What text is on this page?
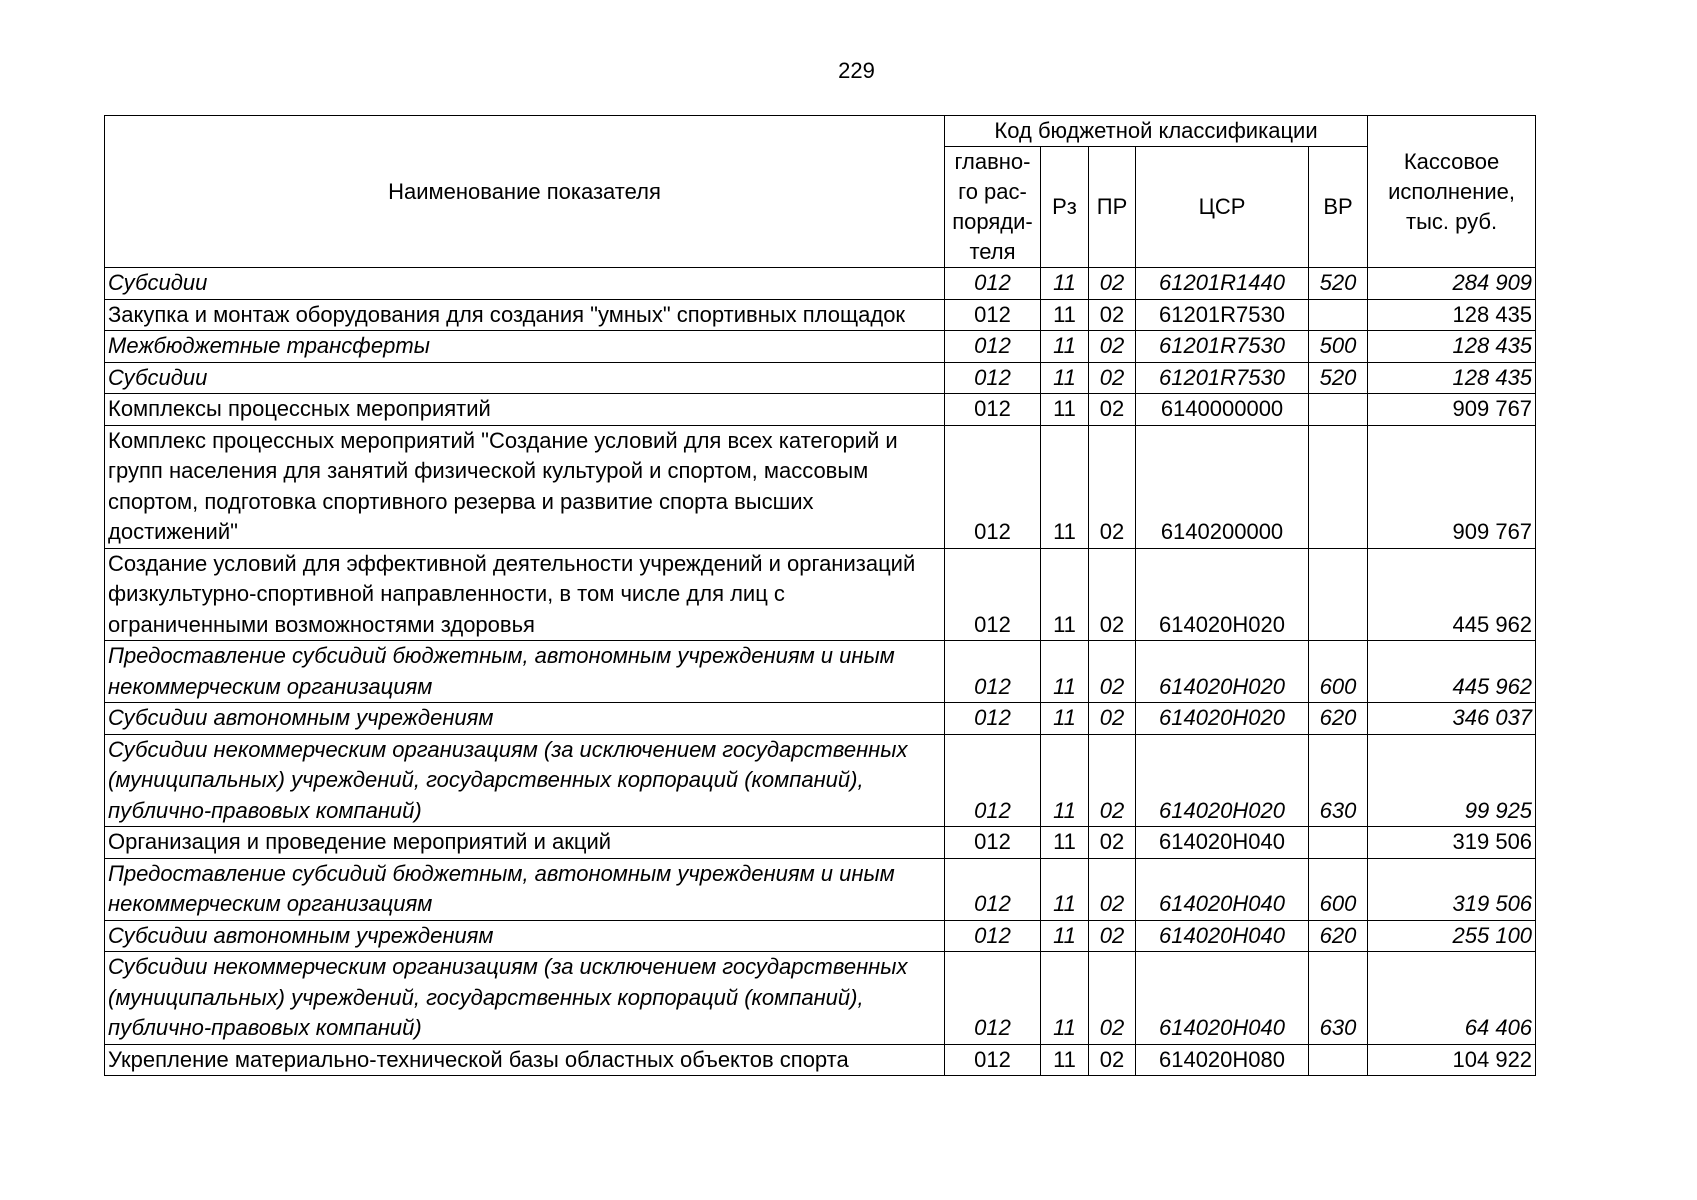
229
Наименование показателя	Код бюджетной классификации					Кассовое исполнение, тыс. руб.
	главно-го рас-поряди-теля	Рз	ПР	ЦСР	ВР	
Субсидии	012	11	02	61201R1440	520	284 909
Закупка и монтаж оборудования для создания "умных" спортивных площадок	012	11	02	61201R7530		128 435
Межбюджетные трансферты	012	11	02	61201R7530	500	128 435
Субсидии	012	11	02	61201R7530	520	128 435
Комплексы процессных мероприятий	012	11	02	6140000000		909 767
Комплекс процессных мероприятий "Создание условий для всех категорий и групп населения для занятий физической культурой и спортом, массовым спортом, подготовка спортивного резерва и развитие спорта высших достижений"	012	11	02	6140200000		909 767
Создание условий для эффективной деятельности учреждений и организаций физкультурно-спортивной направленности, в том числе для лиц с ограниченными возможностями здоровья	012	11	02	614020Н020		445 962
Предоставление субсидий бюджетным, автономным учреждениям и иным некоммерческим организациям	012	11	02	614020Н020	600	445 962
Субсидии автономным учреждениям	012	11	02	614020Н020	620	346 037
Субсидии некоммерческим организациям (за исключением государственных (муниципальных) учреждений, государственных корпораций (компаний), публично-правовых компаний)	012	11	02	614020Н020	630	99 925
Организация и проведение мероприятий и акций	012	11	02	614020Н040		319 506
Предоставление субсидий бюджетным, автономным учреждениям и иным некоммерческим организациям	012	11	02	614020Н040	600	319 506
Субсидии автономным учреждениям	012	11	02	614020Н040	620	255 100
Субсидии некоммерческим организациям (за исключением государственных (муниципальных) учреждений, государственных корпораций (компаний), публично-правовых компаний)	012	11	02	614020Н040	630	64 406
Укрепление материально-технической базы областных объектов спорта	012	11	02	614020Н080		104 922
